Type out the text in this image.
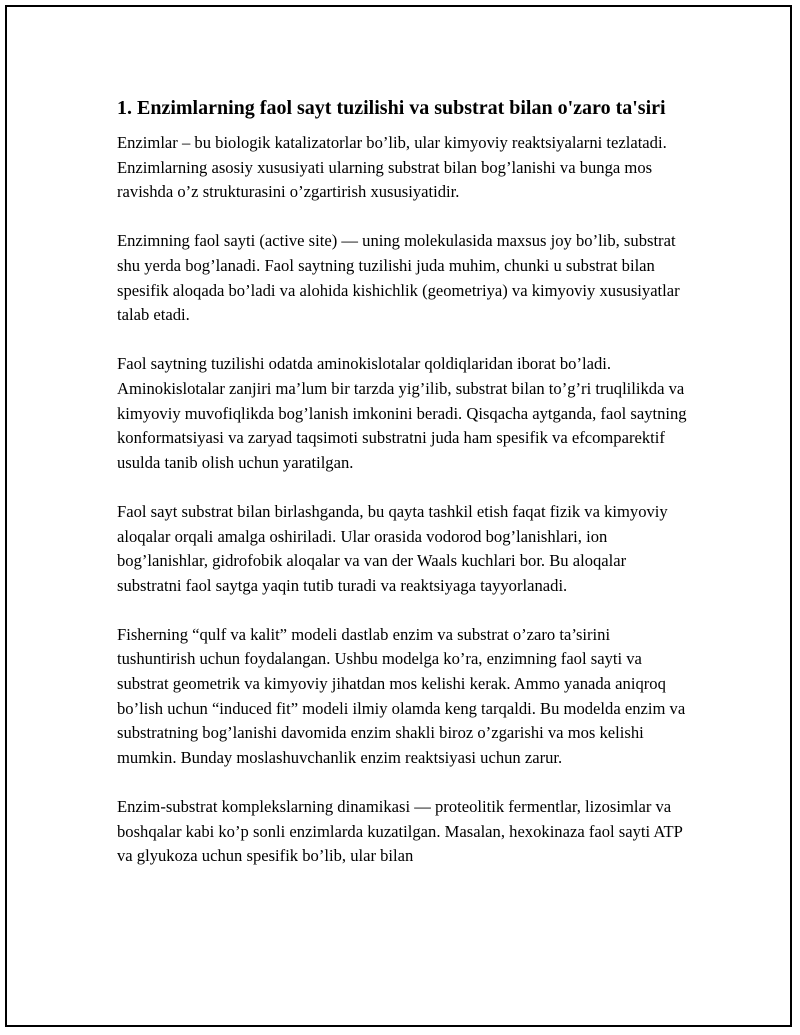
1. Enzimlarning faol sayt tuzilishi va substrat bilan o'zaro ta'siri

Enzimlar – bu biologik katalizatorlar bo’lib, ular kimyoviy reaktsiyalarni tezlatadi. Enzimlarning asosiy xususiyati ularning substrat bilan bog’lanishi va bunga mos ravishda o’z strukturasini o’zgartirish xususiyatidir.

Enzimning faol sayti (active site) — uning molekulasida maxsus joy bo’lib, substrat shu yerda bog’lanadi. Faol saytning tuzilishi juda muhim, chunki u substrat bilan spesifik aloqada bo’ladi va alohida kishichlik (geometriya) va kimyoviy xususiyatlar talab etadi.

Faol saytning tuzilishi odatda aminokislotalar qoldiqlaridan iborat bo’ladi. Aminokislotalar zanjiri ma’lum bir tarzda yig’ilib, substrat bilan to’g’ri truqlilikda va kimyoviy muvofiqlikda bog’lanish imkonini beradi. Qisqacha aytganda, faol saytning konformatsiyasi va zaryad taqsimoti substratni juda ham spesifik va efcomparektif usulda tanib olish uchun yaratilgan.

Faol sayt substrat bilan birlashganda, bu qayta tashkil etish faqat fizik va kimyoviy aloqalar orqali amalga oshiriladi. Ular orasida vodorod bog’lanishlari, ion bog’lanishlar, gidrofobik aloqalar va van der Waals kuchlari bor. Bu aloqalar substratni faol saytga yaqin tutib turadi va reaktsiyaga tayyorlanadi.

Fisherning “qulf va kalit” modeli dastlab enzim va substrat o’zaro ta’sirini tushuntirish uchun foydalangan. Ushbu modelga ko’ra, enzimning faol sayti va substrat geometrik va kimyoviy jihatdan mos kelishi kerak. Ammo yanada aniqroq bo’lish uchun “induced fit” modeli ilmiy olamda keng tarqaldi. Bu modelda enzim va substratning bog’lanishi davomida enzim shakli biroz o’zgarishi va mos kelishi mumkin. Bunday moslashuvchanlik enzim reaktsiyasi uchun zarur.

Enzim-substrat komplekslarning dinamikasi — proteolitik fermentlar, lizosimlar va boshqalar kabi ko’p sonli enzimlarda kuzatilgan. Masalan, hexokinaza faol sayti ATP va glyukoza uchun spesifik bo’lib, ular bilan
